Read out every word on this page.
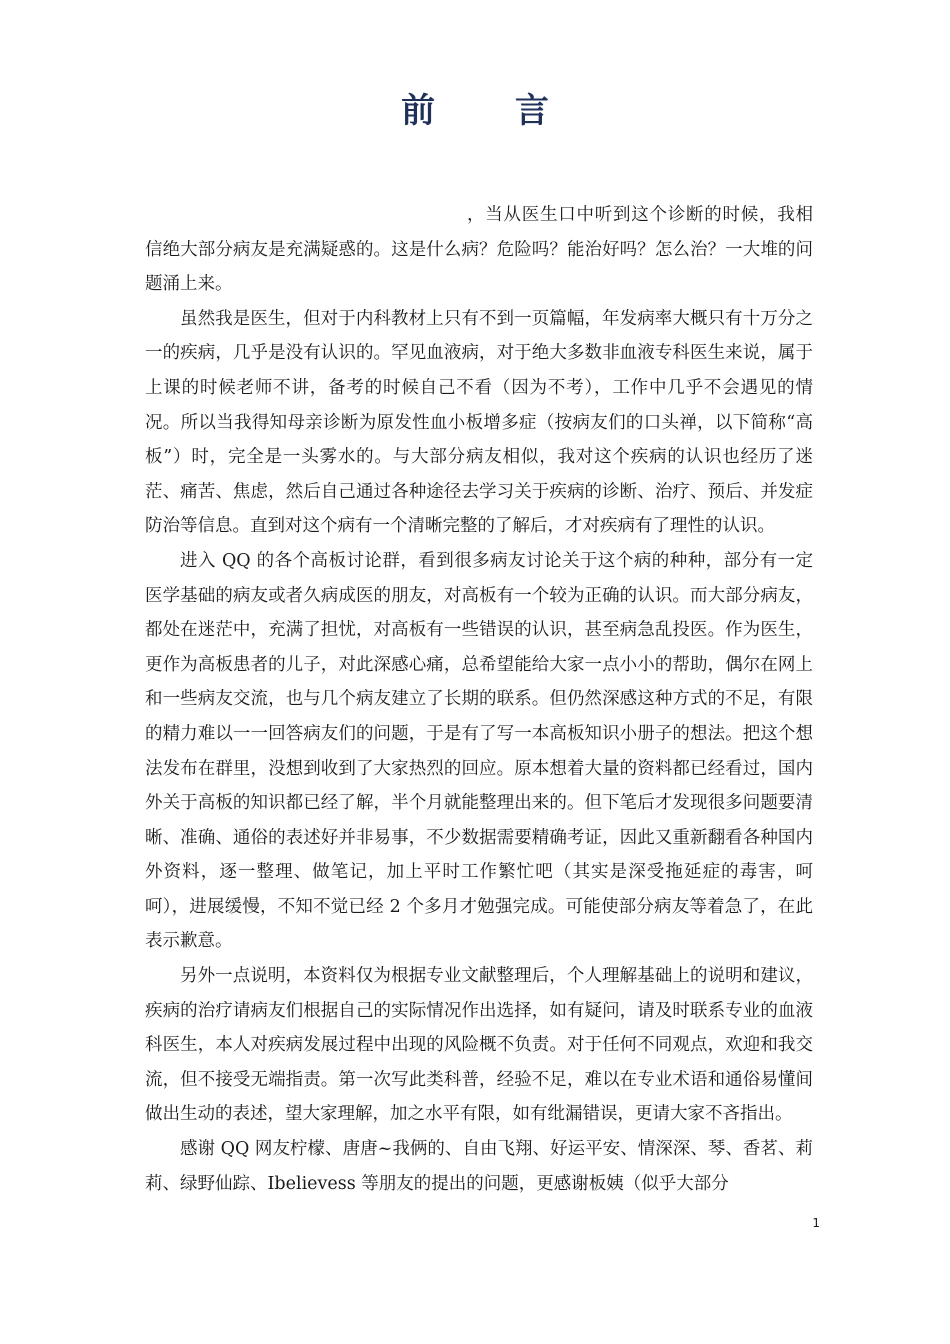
前 言

，当从医生口中听到这个诊断的时候，我相信绝大部分病友是充满疑惑的。这是什么病？危险吗？能治好吗？怎么治？一大堆的问题涌上来。

虽然我是医生，但对于内科教材上只有不到一页篇幅，年发病率大概只有十万分之一的疾病，几乎是没有认识的。罕见血液病，对于绝大多数非血液专科医生来说，属于上课的时候老师不讲，备考的时候自己不看（因为不考），工作中几乎不会遇见的情况。所以当我得知母亲诊断为原发性血小板增多症（按病友们的口头禅，以下简称“高板”）时，完全是一头雾水的。与大部分病友相似，我对这个疾病的认识也经历了迷茫、痛苦、焦虑，然后自己通过各种途径去学习关于疾病的诊断、治疗、预后、并发症防治等信息。直到对这个病有一个清晰完整的了解后，才对疾病有了理性的认识。

进入 QQ 的各个高板讨论群，看到很多病友讨论关于这个病的种种，部分有一定医学基础的病友或者久病成医的朋友，对高板有一个较为正确的认识。而大部分病友，都处在迷茫中，充满了担忧，对高板有一些错误的认识，甚至病急乱投医。作为医生，更作为高板患者的儿子，对此深感心痛，总希望能给大家一点小小的帮助，偶尔在网上和一些病友交流，也与几个病友建立了长期的联系。但仍然深感这种方式的不足，有限的精力难以一一回答病友们的问题，于是有了写一本高板知识小册子的想法。把这个想法发布在群里，没想到收到了大家热烈的回应。原本想着大量的资料都已经看过，国内外关于高板的知识都已经了解，半个月就能整理出来的。但下笔后才发现很多问题要清晰、准确、通俗的表述好并非易事，不少数据需要精确考证，因此又重新翻看各种国内外资料，逐一整理、做笔记，加上平时工作繁忙吧（其实是深受拖延症的毒害，呵呵），进展缓慢，不知不觉已经 2 个多月才勉强完成。可能使部分病友等着急了，在此表示歉意。

另外一点说明，本资料仅为根据专业文献整理后，个人理解基础上的说明和建议，疾病的治疗请病友们根据自己的实际情况作出选择，如有疑问，请及时联系专业的血液科医生，本人对疾病发展过程中出现的风险概不负责。对于任何不同观点，欢迎和我交流，但不接受无端指责。第一次写此类科普，经验不足，难以在专业术语和通俗易懂间做出生动的表述，望大家理解，加之水平有限，如有纰漏错误，更请大家不吝指出。

感谢 QQ 网友柠檬、唐唐~我俩的、自由飞翔、好运平安、情深深、琴、香茗、莉莉、绿野仙踪、Ibelievess 等朋友的提出的问题，更感谢板姨（似乎大部分

1
